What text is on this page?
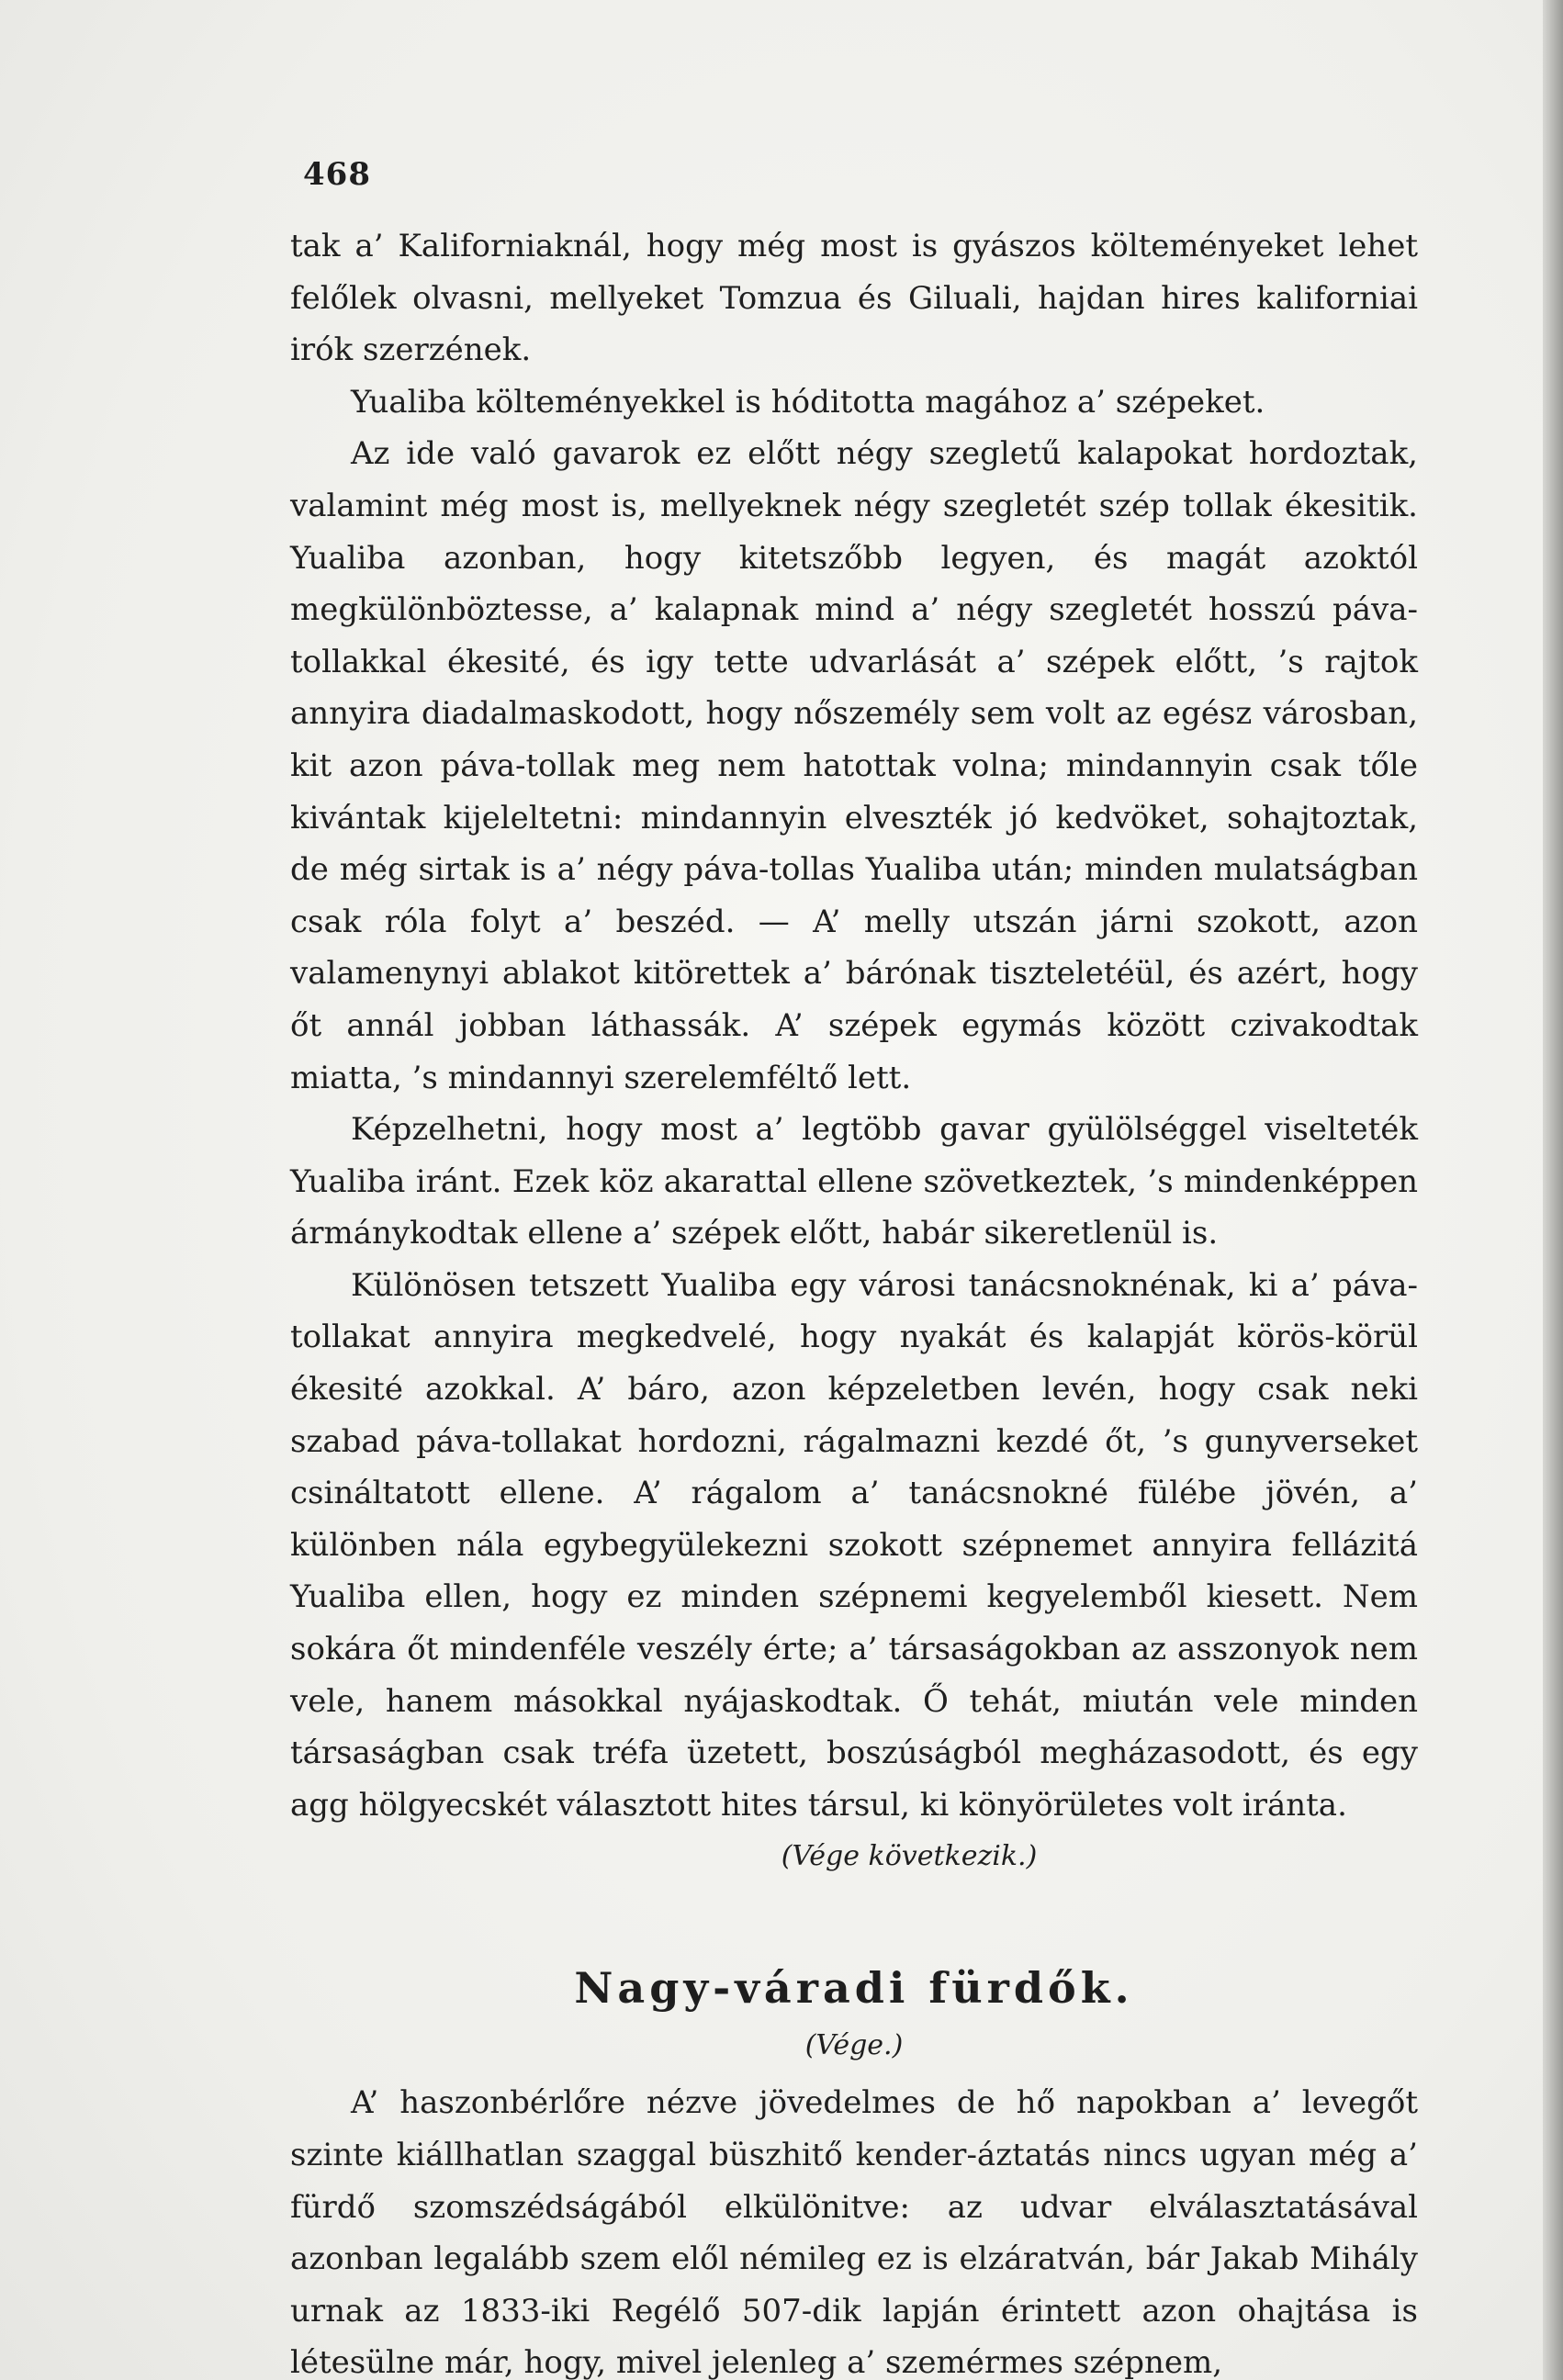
468

tak a’ Kaliforniaknál, hogy még most is gyászos költeményeket lehet felőlek olvasni, mellyeket Tomzua és Giluali, hajdan hires kaliforniai irók szerzének.

Yualiba költeményekkel is hóditotta magához a’ szépeket.

Az ide való gavarok ez előtt négy szegletű kalapokat hordoztak, valamint még most is, mellyeknek négy szegletét szép tollak ékesitik. Yualiba azonban, hogy kitetszőbb legyen, és magát azoktól megkülönböztesse, a’ kalapnak mind a’ négy szegletét hosszú páva-tollakkal ékesité, és igy tette udvarlását a’ szépek előtt, ’s rajtok annyira diadalmaskodott, hogy nőszemély sem volt az egész városban, kit azon páva-tollak meg nem hatottak volna; mindannyin csak tőle kivántak kijeleltetni: mindannyin elveszték jó kedvöket, sohajtoztak, de még sirtak is a’ négy páva-tollas Yualiba után; minden mulatságban csak róla folyt a’ beszéd. — A’ melly utszán járni szokott, azon valamenynyi ablakot kitörettek a’ bárónak tiszteletéül, és azért, hogy őt annál jobban láthassák. A’ szépek egymás között czivakodtak miatta, ’s mindannyi szerelemféltő lett.

Képzelhetni, hogy most a’ legtöbb gavar gyülölséggel viselteték Yualiba iránt. Ezek köz akarattal ellene szövetkeztek, ’s mindenképpen ármánykodtak ellene a’ szépek előtt, habár sikeretlenül is.

Különösen tetszett Yualiba egy városi tanácsnoknénak, ki a’ páva-tollakat annyira megkedvelé, hogy nyakát és kalapját körös-körül ékesité azokkal. A’ báro, azon képzeletben levén, hogy csak neki szabad páva-tollakat hordozni, rágalmazni kezdé őt, ’s gunyverseket csináltatott ellene. A’ rágalom a’ tanácsnokné fülébe jövén, a’ különben nála egybegyülekezni szokott szépnemet annyira fellázitá Yualiba ellen, hogy ez minden szépnemi kegyelemből kiesett. Nem sokára őt mindenféle veszély érte; a’ társaságokban az asszonyok nem vele, hanem másokkal nyájaskodtak. Ő tehát, miután vele minden társaságban csak tréfa üzetett, boszúságból megházasodott, és egy agg hölgyecskét választott hites társul, ki könyörületes volt iránta.

(Vége következik.)

Nagy-váradi fürdők.

(Vége.)

A’ haszonbérlőre nézve jövedelmes de hő napokban a’ levegőt szinte kiállhatlan szaggal büszhitő kender-áztatás nincs ugyan még a’ fürdő szomszédságából elkülönitve: az udvar elválasztatásával azonban legalább szem elől némileg ez is elzáratván, bár Jakab Mihály urnak az 1833-iki Regélő 507-dik lapján érintett azon ohajtása is létesülne már, hogy, mivel jelenleg a’ szemérmes szépnem,
